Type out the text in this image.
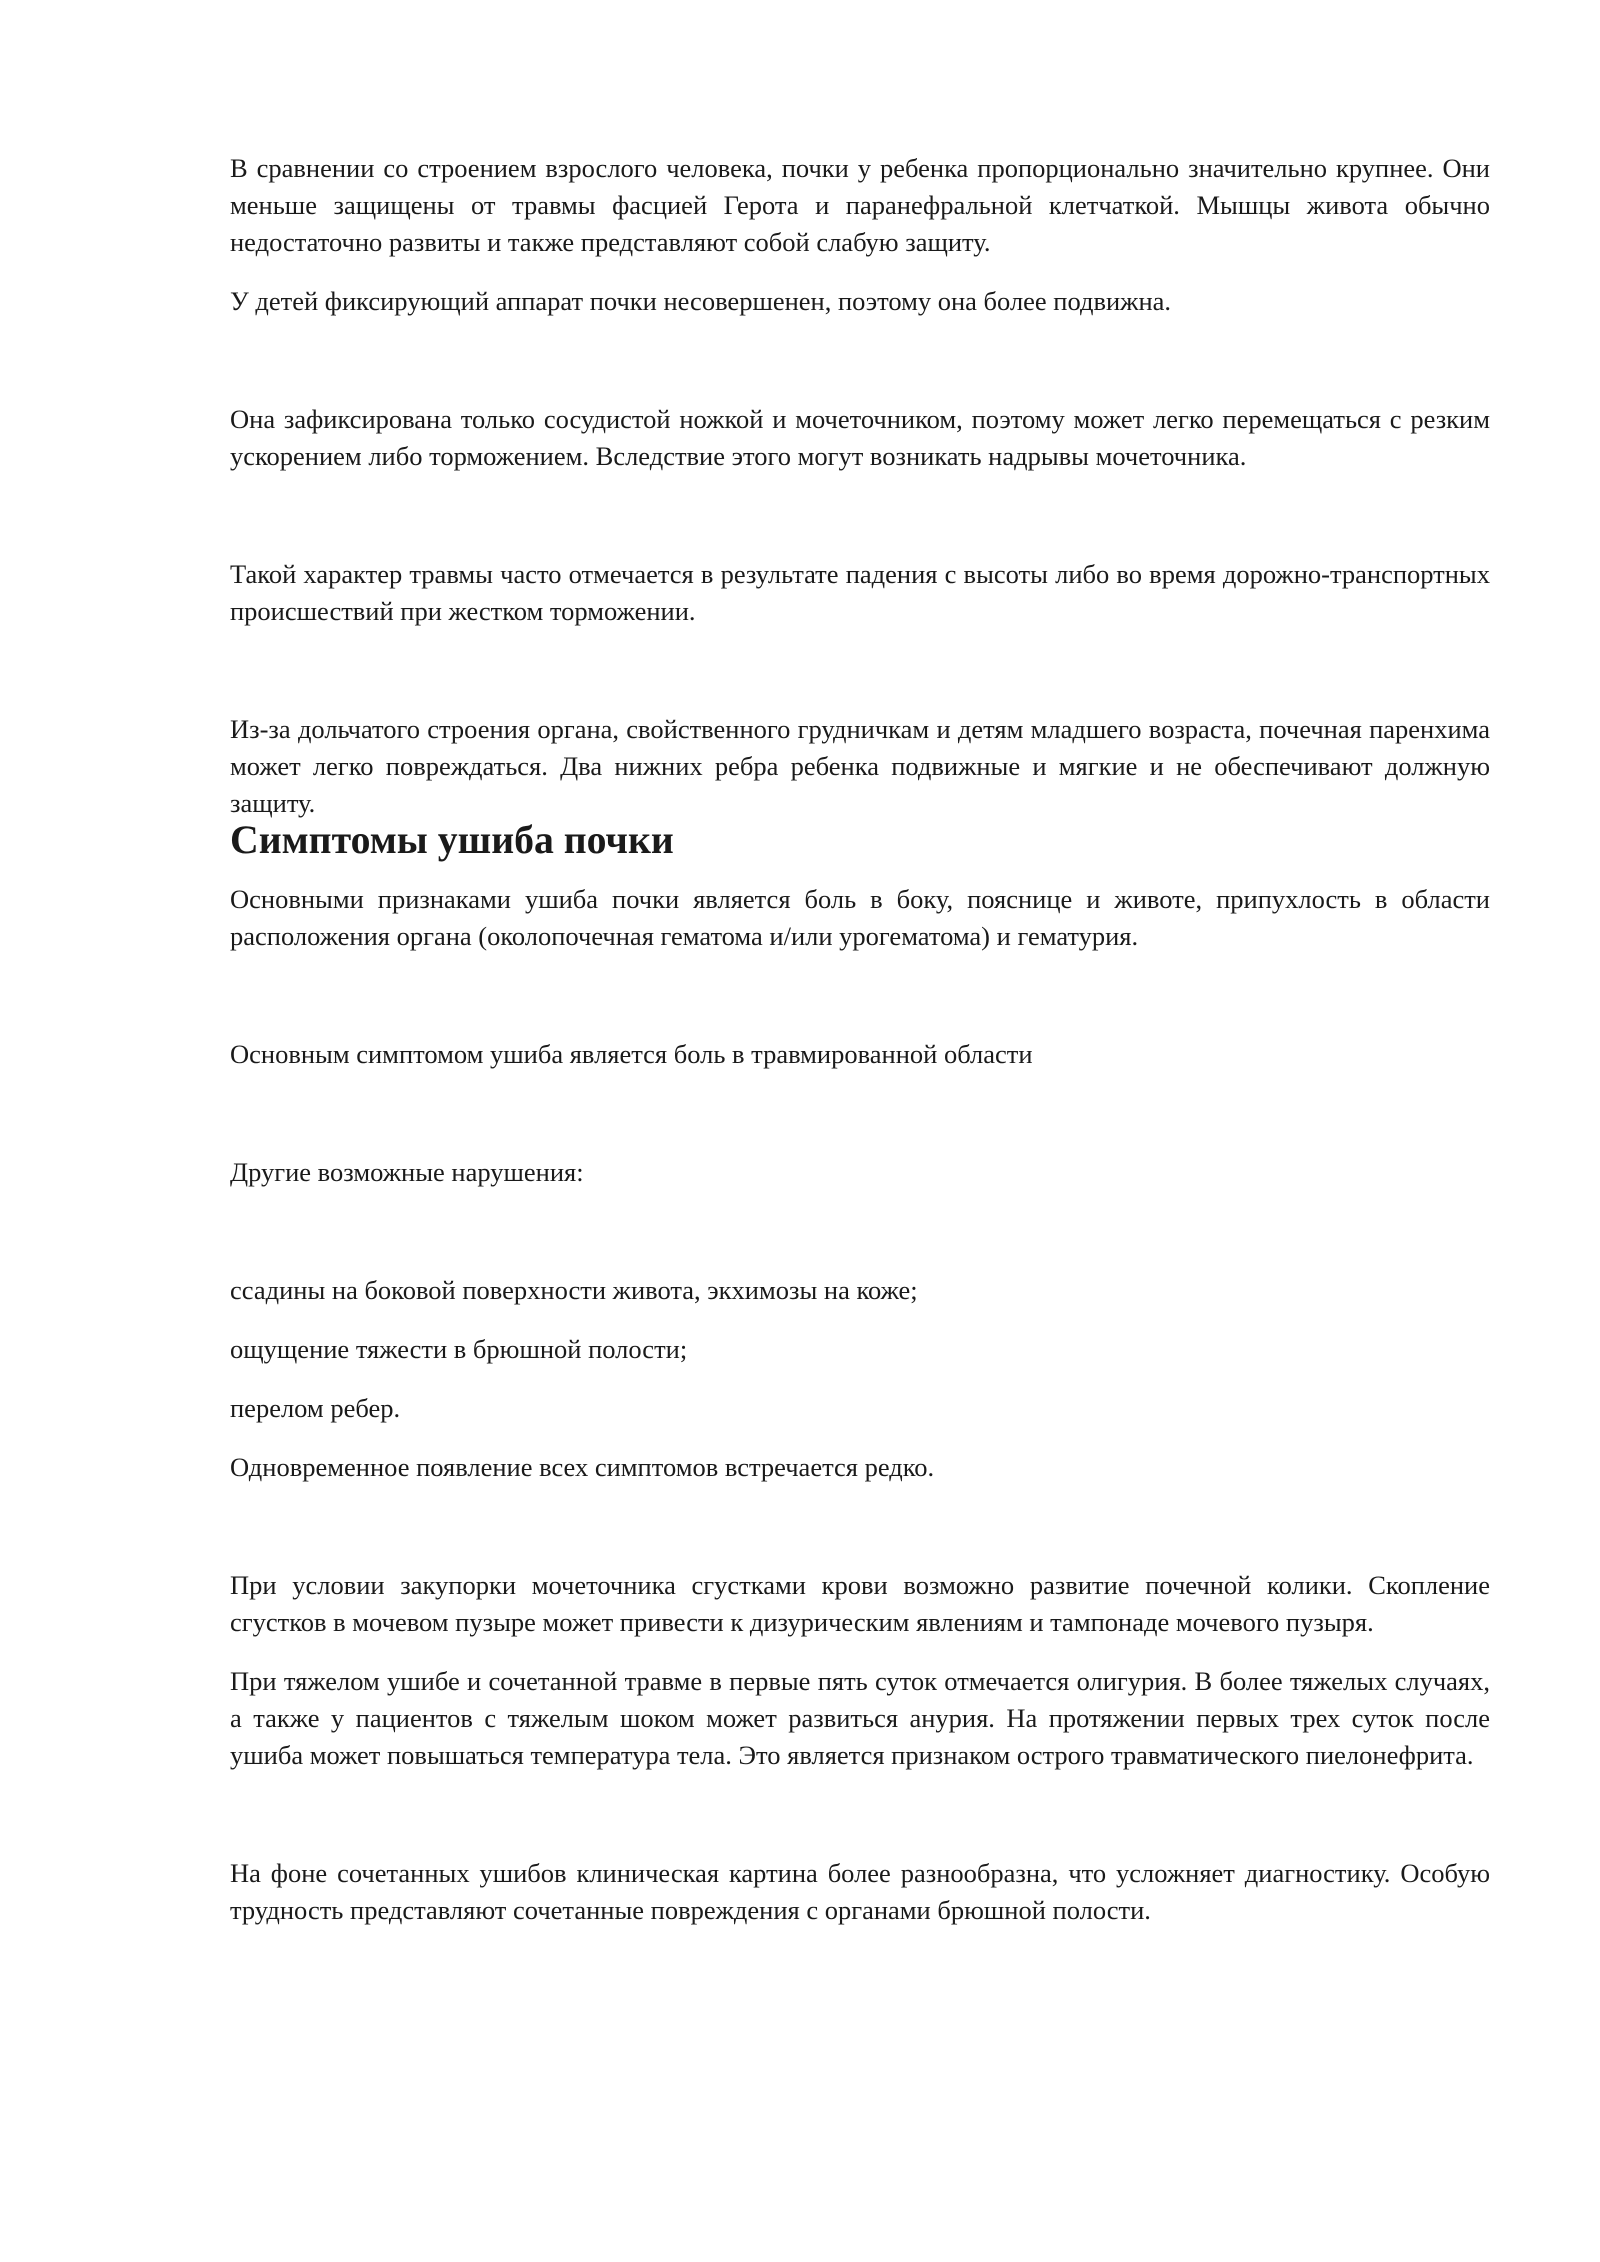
В сравнении со строением взрослого человека, почки у ребенка пропорционально значительно крупнее. Они меньше защищены от травмы фасцией Герота и паранефральной клетчаткой. Мышцы живота обычно недостаточно развиты и также представляют собой слабую защиту.

У детей фиксирующий аппарат почки несовершенен, поэтому она более подвижна.

Она зафиксирована только сосудистой ножкой и мочеточником, поэтому может легко перемещаться с резким ускорением либо торможением. Вследствие этого могут возникать надрывы мочеточника.

Такой характер травмы часто отмечается в результате падения с высоты либо во время дорожно-транспортных происшествий при жестком торможении.

Из-за дольчатого строения органа, свойственного грудничкам и детям младшего возраста, почечная паренхима может легко повреждаться. Два нижних ребра ребенка подвижные и мягкие и не обеспечивают должную защиту.

Симптомы ушиба почки

Основными признаками ушиба почки является боль в боку, пояснице и животе, припухлость в области расположения органа (околопочечная гематома и/или урогематома) и гематурия.

Основным симптомом ушиба является боль в травмированной области

Другие возможные нарушения:

ссадины на боковой поверхности живота, экхимозы на коже;

ощущение тяжести в брюшной полости;

перелом ребер.

Одновременное появление всех симптомов встречается редко.

При условии закупорки мочеточника сгустками крови возможно развитие почечной колики. Скопление сгустков в мочевом пузыре может привести к дизурическим явлениям и тампонаде мочевого пузыря.

При тяжелом ушибе и сочетанной травме в первые пять суток отмечается олигурия. В более тяжелых случаях, а также у пациентов с тяжелым шоком может развиться анурия. На протяжении первых трех суток после ушиба может повышаться температура тела. Это является признаком острого травматического пиелонефрита.

На фоне сочетанных ушибов клиническая картина более разнообразна, что усложняет диагностику. Особую трудность представляют сочетанные повреждения с органами брюшной полости.
